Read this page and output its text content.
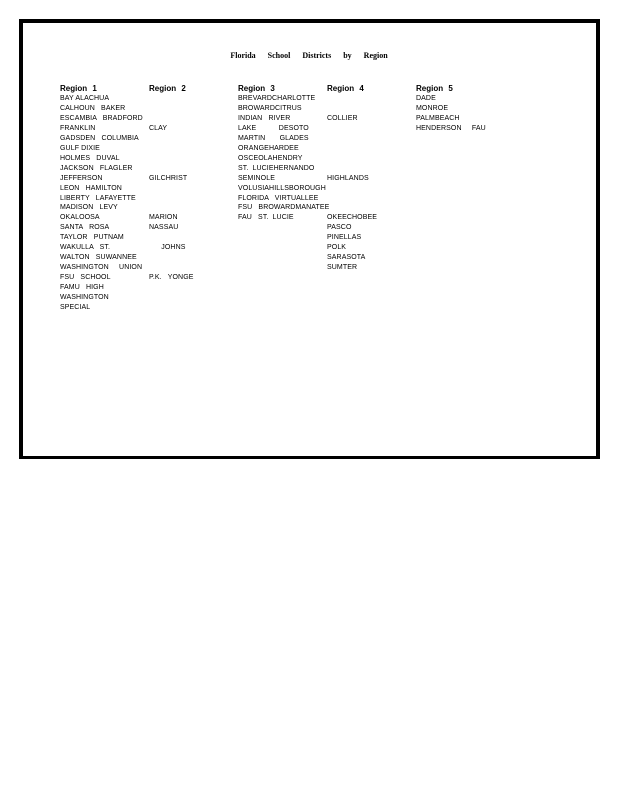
Florida School Districts by Region
Region 1
BAY ALACHUA
CALHOUN   BAKER
ESCAMBIA   BRADFORD
FRANKLIN
GADSDEN   COLUMBIA
GULF DIXIE
HOLMES   DUVAL
JACKSON   FLAGLER
JEFFERSON
LEON   HAMILTON
LIBERTY   LAFAYETTE
MADISON   LEVY
OKALOOSA
SANTA   ROSA
TAYLOR   PUTNAM
WAKULLA   ST.
WALTON   SUWANNEE
WASHINGTON     UNION
FSU   SCHOOL
FAMU   HIGH
WASHINGTON
SPECIAL
Region 2
CLAY
GILCHRIST
MARION
NASSAU
JOHNS
P.K.   YONGE
Region 3
BREVARDCHARLOTTE
BROWARDCITRUS
INDIAN   RIVER
LAKE           DESOTO
MARTIN       GLADES
ORANGEHARDEE
OSCEOLAHENDRY
ST.  LUCIEHERNANDO
SEMINOLE
VOLUSIAHILLSBOROUGH
FLORIDA   VIRTUALLEE
FSU   BROWARDMANATEE
FAU   ST.  LUCIE
Region 4
COLLIER
HIGHLANDS
OKEECHOBEE
PASCO
PINELLAS
POLK
SARASOTA
SUMTER
Region 5
DADE
MONROE
PALMBEACH
HENDERSON     FAU
